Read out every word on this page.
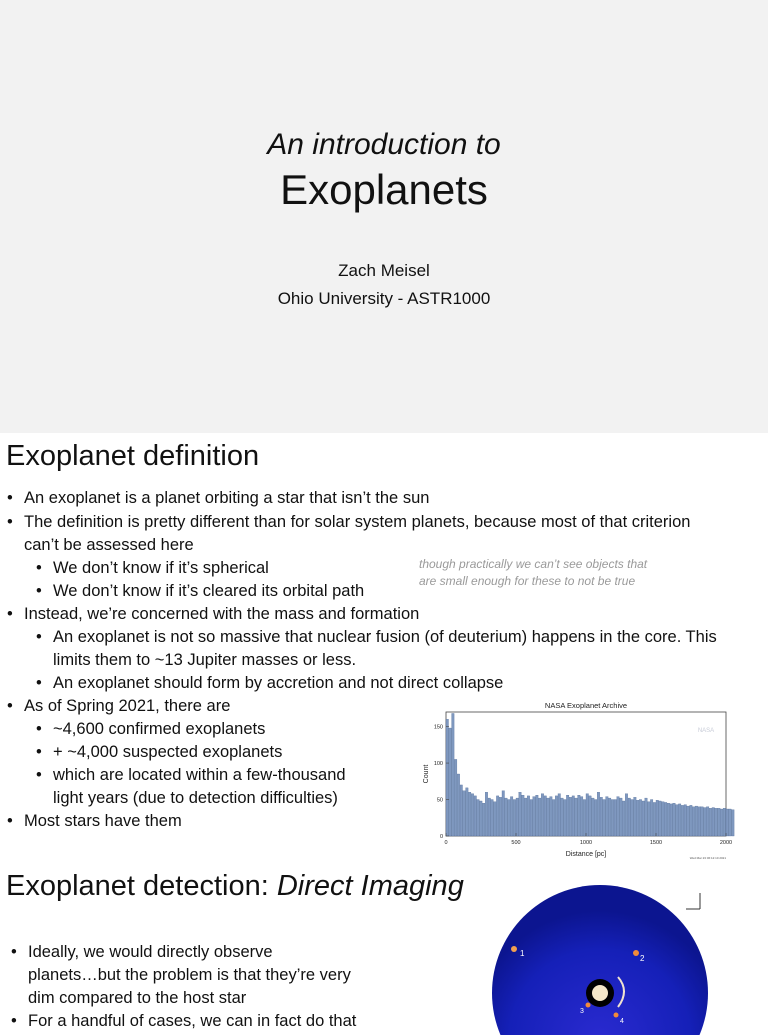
An introduction to
Exoplanets
Zach Meisel
Ohio University - ASTR1000
Exoplanet definition
• An exoplanet is a planet orbiting a star that isn’t the sun
• The definition is pretty different than for solar system planets, because most of that criterion
can’t be assessed here
• We don’t know if it’s spherical
• We don’t know if it’s cleared its orbital path
though practically we can’t see objects that
are small enough for these to not be true
• Instead, we’re concerned with the mass and formation
• An exoplanet is not so massive that nuclear fusion (of deuterium) happens in the core. This
limits them to ~13 Jupiter masses or less.
• An exoplanet should form by accretion and not direct collapse
• As of Spring 2021, there are
• ~4,600 confirmed exoplanets
• + ~4,000 suspected exoplanets
• which are located within a few-thousand
light years (due to detection difficulties)
• Most stars have them
NASA Exoplanet Archive
NASA
0	500	1000	1500	2000
0
50
100
150
Distance [pc]
Count
Wed Mar 23 06:12:10 2021
Exoplanet detection: Direct Imaging
• Ideally, we would directly observe
planets…but the problem is that they’re very
dim compared to the host star
• For a handful of cases, we can in fact do that
1
2
3
4
